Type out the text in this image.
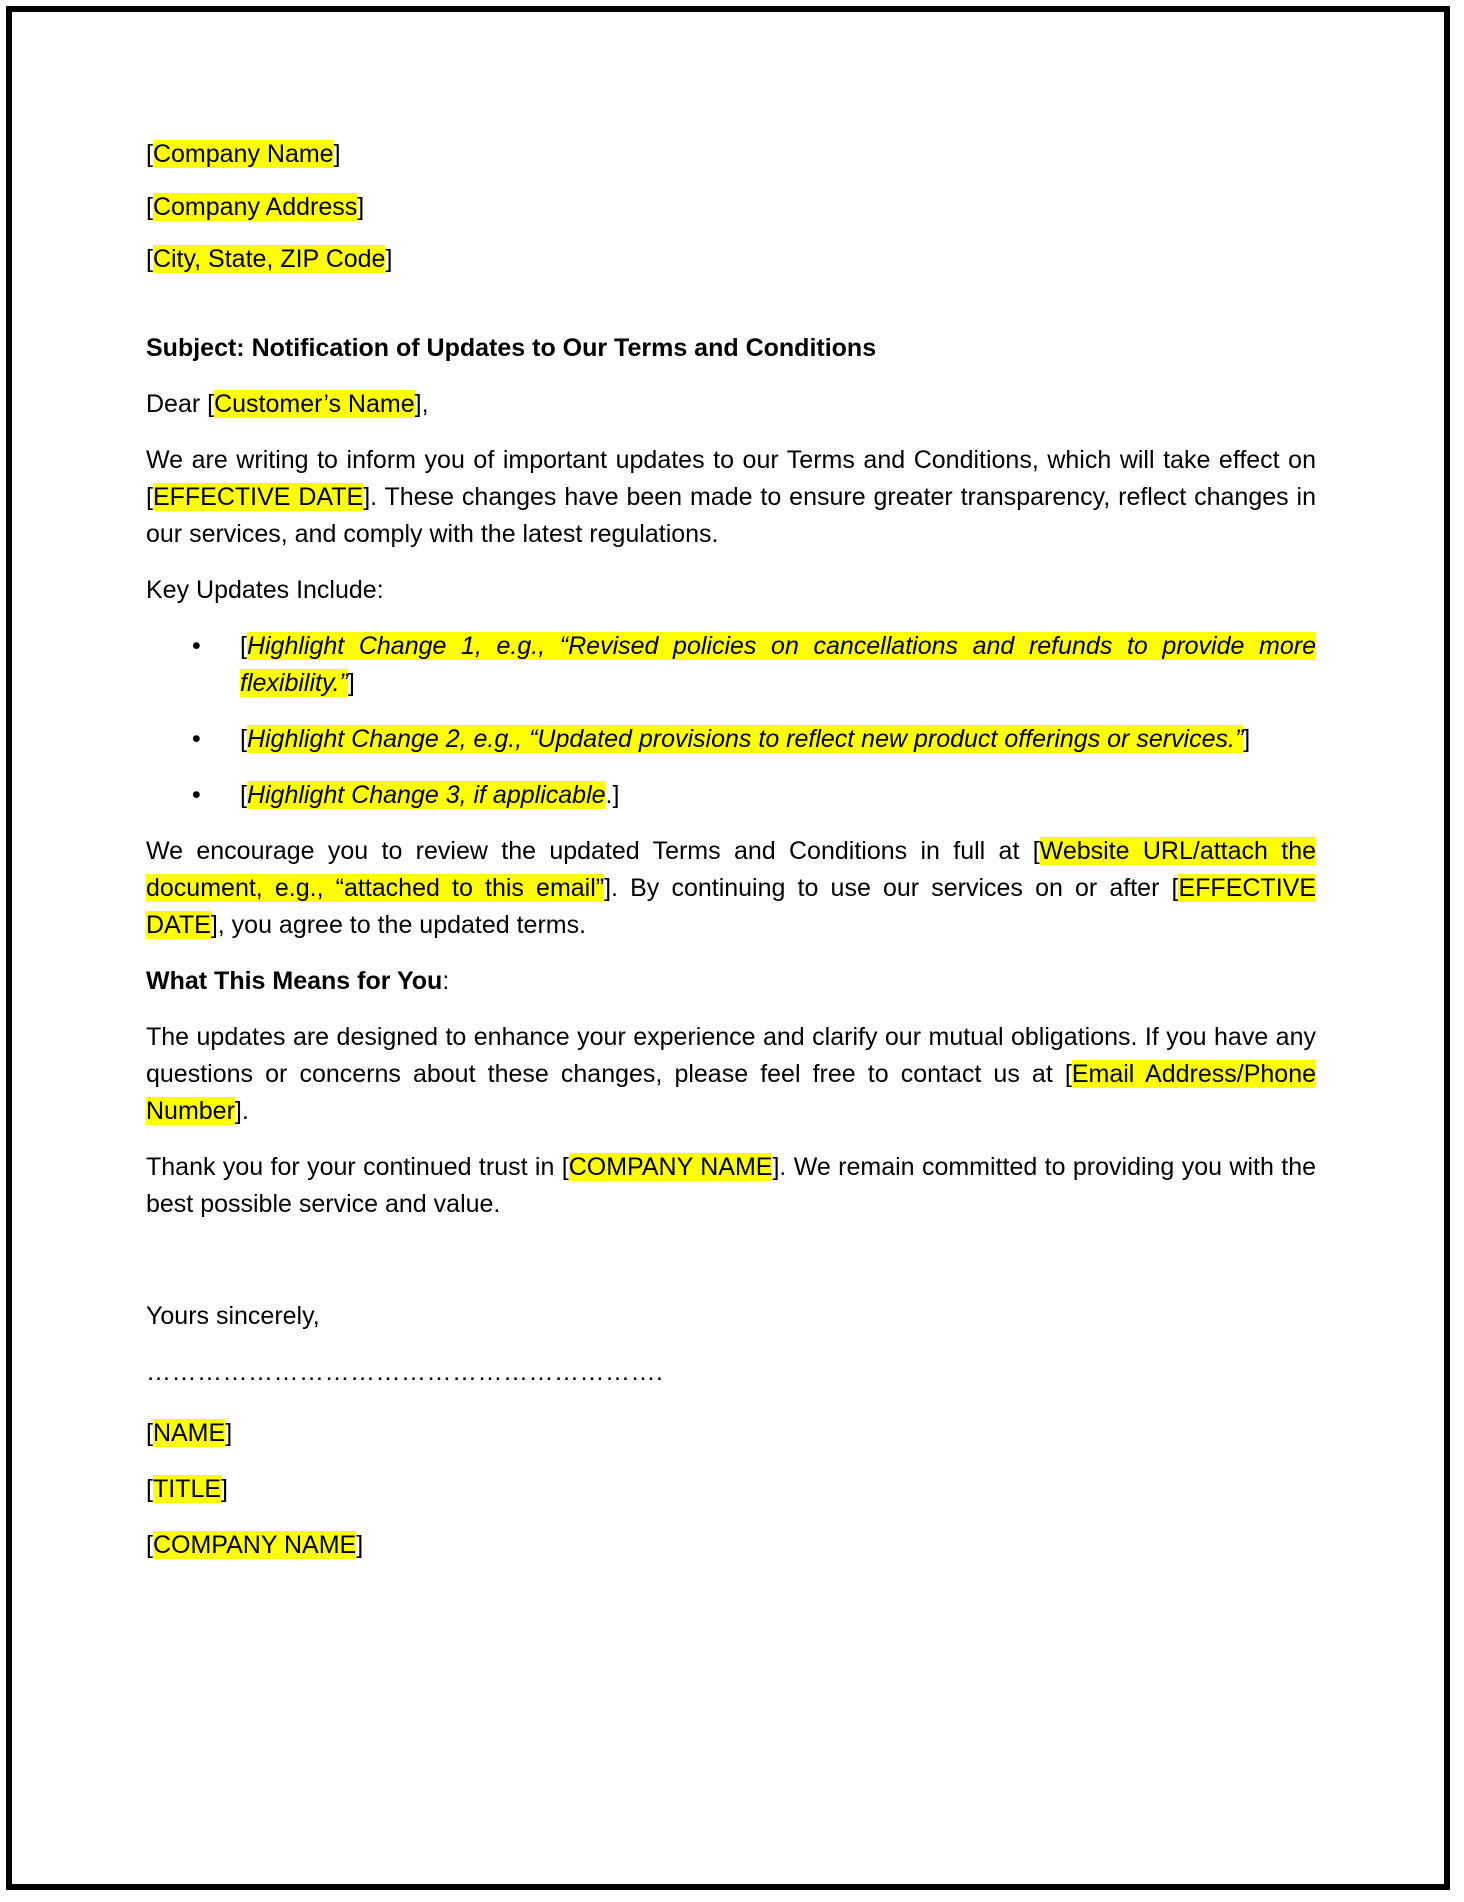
[Company Name]
[Company Address]
[City, State, ZIP Code]
Subject: Notification of Updates to Our Terms and Conditions
Dear [Customer’s Name],
We are writing to inform you of important updates to our Terms and Conditions, which will take effect on [EFFECTIVE DATE]. These changes have been made to ensure greater transparency, reflect changes in our services, and comply with the latest regulations.
Key Updates Include:
• [Highlight Change 1, e.g., “Revised policies on cancellations and refunds to provide more flexibility.”]
• [Highlight Change 2, e.g., “Updated provisions to reflect new product offerings or services.”]
• [Highlight Change 3, if applicable.]
We encourage you to review the updated Terms and Conditions in full at [Website URL/attach the document, e.g., “attached to this email”]. By continuing to use our services on or after [EFFECTIVE DATE], you agree to the updated terms.
What This Means for You:
The updates are designed to enhance your experience and clarify our mutual obligations. If you have any questions or concerns about these changes, please feel free to contact us at [Email Address/Phone Number].
Thank you for your continued trust in [COMPANY NAME]. We remain committed to providing you with the best possible service and value.
Yours sincerely,
…………………………………………………….
[NAME]
[TITLE]
[COMPANY NAME]
